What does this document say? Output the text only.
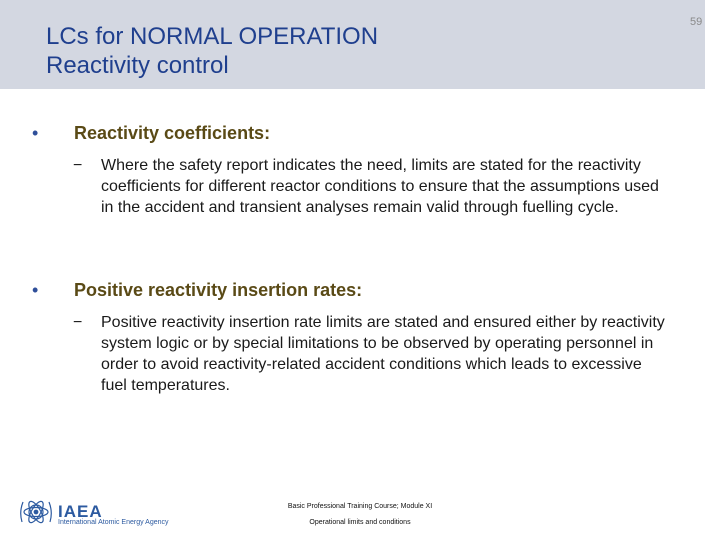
LCs for NORMAL OPERATION
Reactivity control
59
• Reactivity coefficients:
− Where the safety report indicates the need, limits are stated for the reactivity coefficients for different reactor conditions to ensure that the assumptions used in the accident and transient analyses remain valid through fuelling cycle.
• Positive reactivity insertion rates:
− Positive reactivity insertion rate limits are stated and ensured either by reactivity system logic or by special limitations to be observed by operating personnel in order to avoid reactivity-related accident conditions which leads to excessive fuel temperatures.
IAEA
International Atomic Energy Agency
Basic Professional Training Course; Module XI
Operational limits and conditions
